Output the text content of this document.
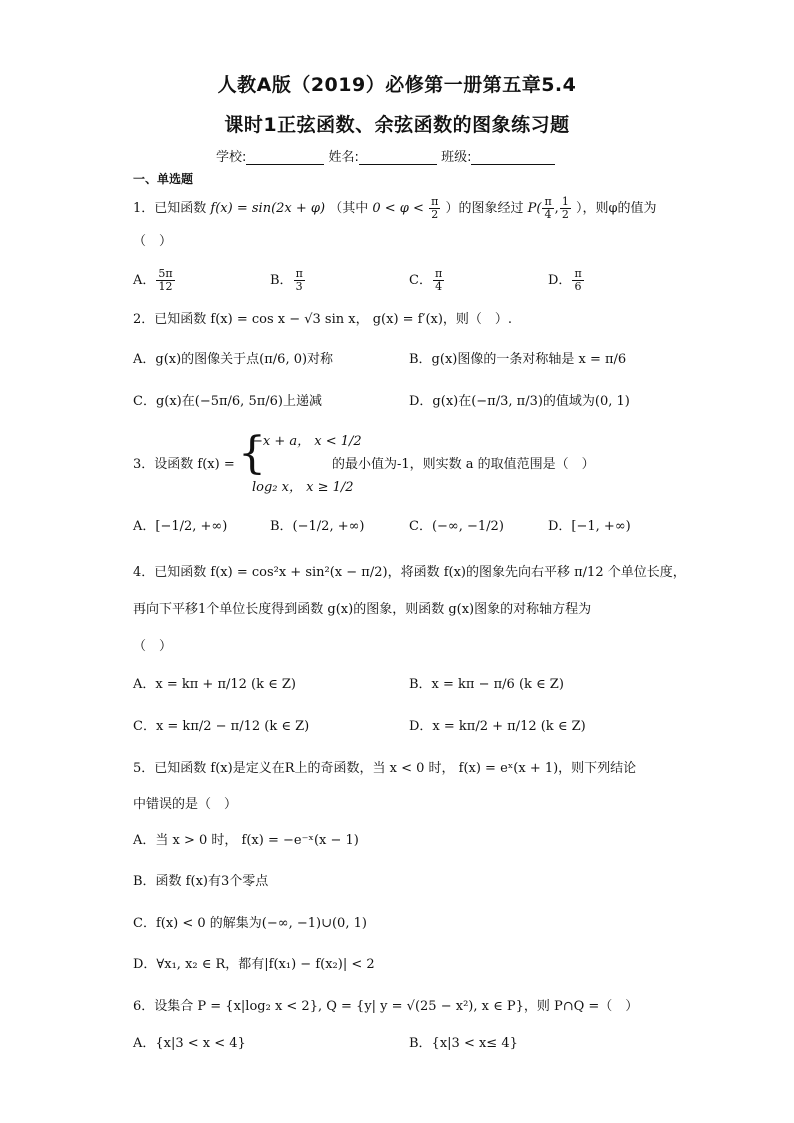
人教A版（2019）必修第一册第五章5.4
课时1正弦函数、余弦函数的图象练习题
学校:	姓名:	班级:
一、单选题
1．已知函数 f(x) = sin(2x + φ) （其中 $0 < \varphi < \frac{\pi}{2}$ ）的图象经过 $P( \frac{\pi}{4}$ , $\frac{1}{2}$ ），则φ的值为
（　）
A． $\frac{5\pi}{12}$	B． $\frac{\pi}{3}$	C． $\frac{\pi}{4}$	D． $\frac{\pi}{6}$
2．已知函数 f(x) = cos x − √3 sin x， g(x) = f′(x)，则（　）.
A．g(x)的图像关于点(π/6, 0)对称	B．g(x)图像的一条对称轴是 x = π/6
C．g(x)在(−5π/6, 5π/6)上递减	D．g(x)在(−π/3, π/3)的值域为(0, 1)
3．设函数 f(x) = {
−x + a， x < 1/2
log₂ x， x ≥ 1/2
的最小值为-1，则实数 a 的取值范围是（　）
A．[−1/2, +∞)	B．(−1/2, +∞)	C．(−∞, −1/2)	D．[−1, +∞)
4．已知函数 f(x) = cos²x + sin²(x − π/2)，将函数 f(x)的图象先向右平移 π/12 个单位长度，
再向下平移1个单位长度得到函数 g(x)的图象，则函数 g(x)图象的对称轴方程为
（　）
A．x = kπ + π/12 (k ∈ Z)	B．x = kπ − π/6 (k ∈ Z)
C．x = kπ/2 − π/12 (k ∈ Z)	D．x = kπ/2 + π/12 (k ∈ Z)
5．已知函数 f(x)是定义在R上的奇函数，当 x < 0 时， f(x) = eˣ(x + 1)，则下列结论
中错误的是（　）
A．当 x > 0 时， f(x) = −e⁻ˣ(x − 1)
B．函数 f(x)有3个零点
C．f(x) < 0 的解集为(−∞, −1)∪(0, 1)
D．∀x₁, x₂ ∈ R，都有|f(x₁) − f(x₂)| < 2
6．设集合 P = {x|log₂ x < 2}, Q = {y| y = √(25 − x²), x ∈ P}，则 P∩Q =（　）
A．{x|3 < x < 4}	B．{x|3 < x≤ 4}
